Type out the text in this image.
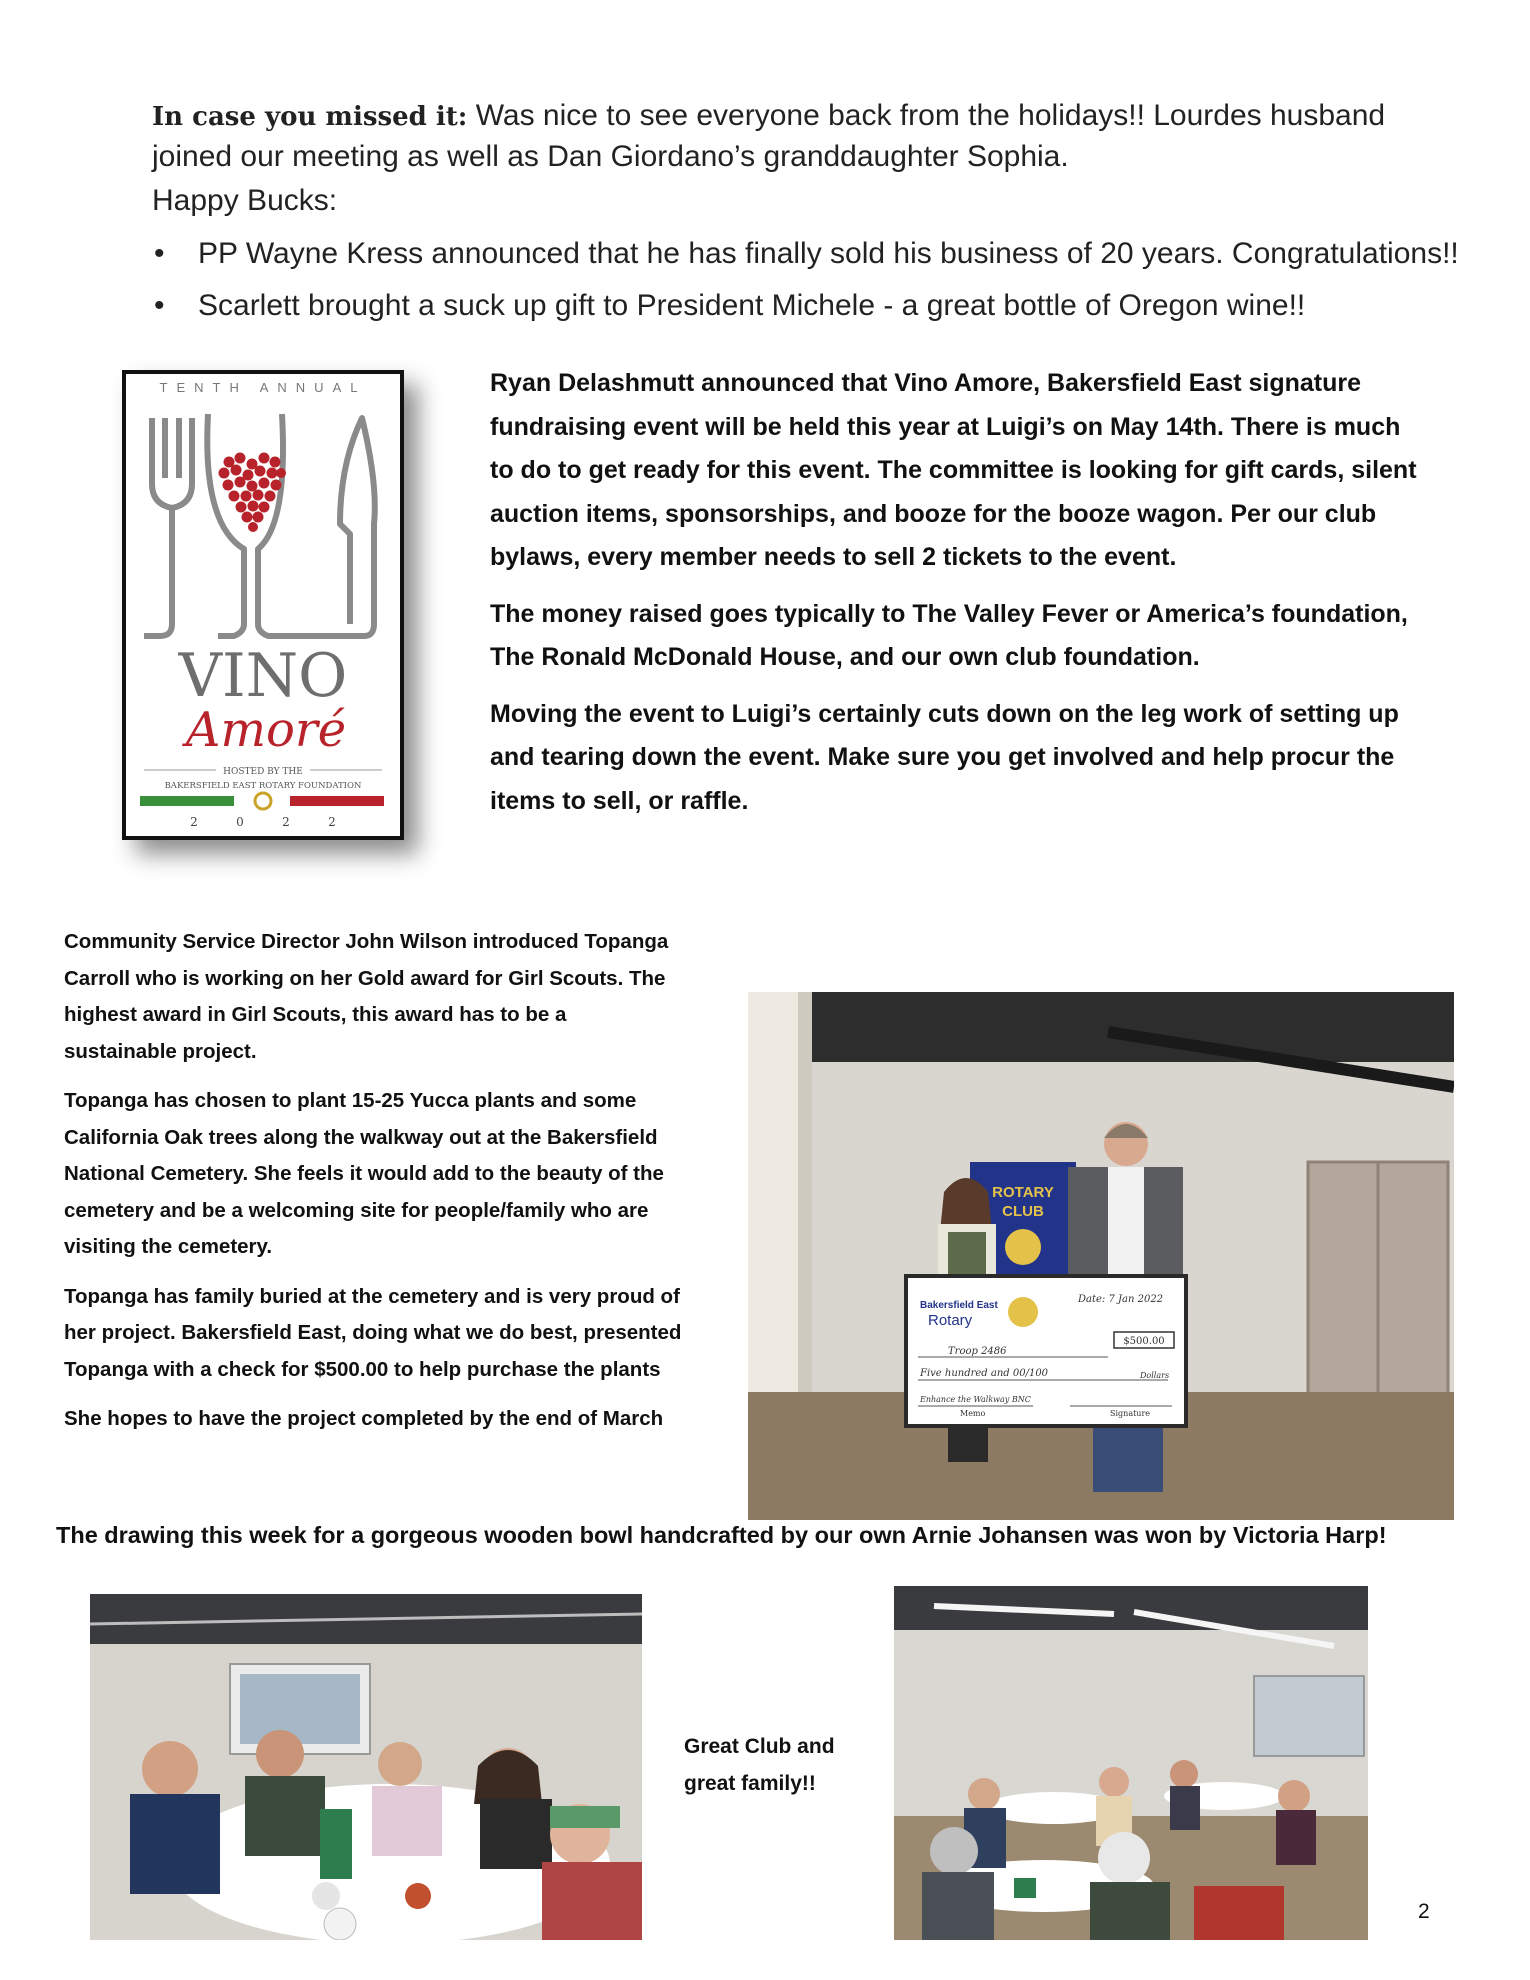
In case you missed it: Was nice to see everyone back from the holidays!! Lourdes husband joined our meeting as well as Dan Giordano’s granddaughter Sophia.
Happy Bucks:
• PP Wayne Kress announced that he has finally sold his business of 20 years. Congratulations!!
• Scarlett brought a suck up gift to President Michele - a great bottle of Oregon wine!!
TENTH ANNUAL
VINO
Amoré
HOSTED BY THE
BAKERSFIELD EAST ROTARY FOUNDATION
2	0	2	2

Ryan Delashmutt announced that Vino Amore, Bakersfield East signature fundraising event will be held this year at Luigi’s on May 14th. There is much to do to get ready for this event. The committee is looking for gift cards, silent auction items, sponsorships, and booze for the booze wagon. Per our club bylaws, every member needs to sell 2 tickets to the event.

The money raised goes typically to The Valley Fever or America’s foundation, The Ronald McDonald House, and our own club foundation.

Moving the event to Luigi’s certainly cuts down on the leg work of setting up and tearing down the event. Make sure you get involved and help procur the items to sell, or raffle.

Community Service Director John Wilson introduced Topanga Carroll who is working on her Gold award for Girl Scouts. The highest award in Girl Scouts, this award has to be a sustainable project.

Topanga has chosen to plant 15-25 Yucca plants and some California Oak trees along the walkway out at the Bakersfield National Cemetery. She feels it would add to the beauty of the cemetery and be a welcoming site for people/family who are visiting the cemetery.

Topanga has family buried at the cemetery and is very proud of her project. Bakersfield East, doing what we do best, presented Topanga with a check for $500.00 to help purchase the plants

She hopes to have the project completed by the end of March

ROTARY
CLUB
Bakersfield East
Rotary
Date: 7 Jan 2022
$500.00
Troop 2486
Five hundred and 00/100	Dollars
Enhance the Walkway BNC
Memo	Signature
The drawing this week for a gorgeous wooden bowl handcrafted by our own Arnie Johansen was won by Victoria Harp!
Great Club and
great family!!
2
